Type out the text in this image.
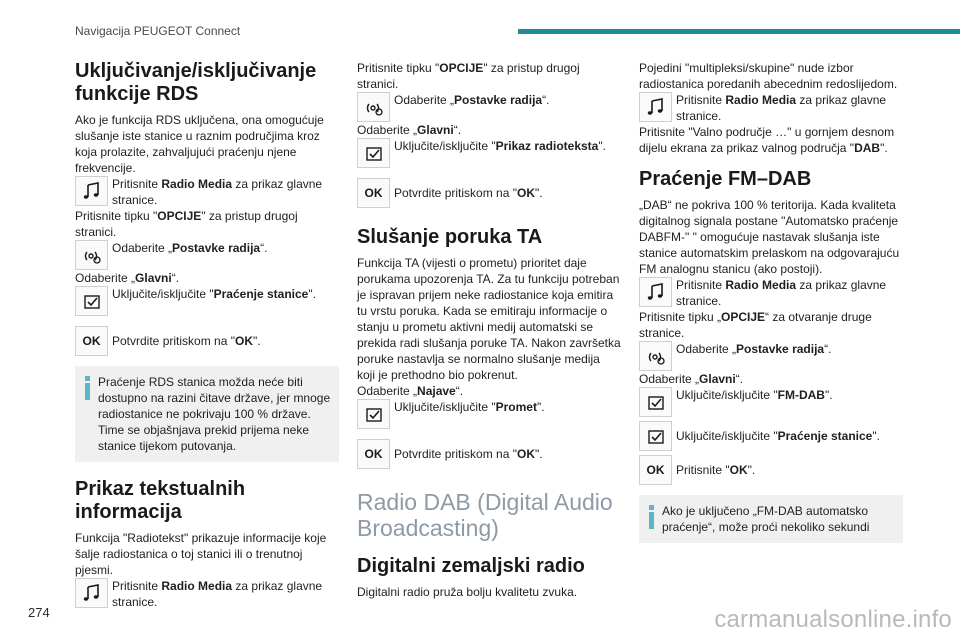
Navigacija PEUGEOT Connect
Uključivanje/isključivanje funkcije RDS
Ako je funkcija RDS uključena, ona omogućuje slušanje iste stanice u raznim područjima kroz koja prolazite, zahvaljujući praćenju njene frekvencije.
Pritisnite Radio Media za prikaz glavne stranice.
Pritisnite tipku "OPCIJE" za pristup drugoj stranici.
Odaberite „Postavke radija“.
Odaberite „Glavni“.
Uključite/isključite "Praćenje stanice".
OK Potvrdite pritiskom na "OK".
Praćenje RDS stanica možda neće biti dostupno na razini čitave države, jer mnoge radiostanice ne pokrivaju 100 % države. Time se objašnjava prekid prijema neke stanice tijekom putovanja.
Prikaz tekstualnih informacija
Funkcija "Radiotekst" prikazuje informacije koje šalje radiostanica o toj stanici ili o trenutnoj pjesmi.
Pritisnite Radio Media za prikaz glavne stranice.
Pritisnite tipku "OPCIJE" za pristup drugoj stranici.
Odaberite „Postavke radija“.
Odaberite „Glavni“.
Uključite/isključite "Prikaz radioteksta".
OK Potvrdite pritiskom na "OK".
Slušanje poruka TA
Funkcija TA (vijesti o prometu) prioritet daje porukama upozorenja TA. Za tu funkciju potreban je ispravan prijem neke radiostanice koja emitira tu vrstu poruka. Kada se emitiraju informacije o stanju u prometu aktivni medij automatski se prekida radi slušanja poruke TA. Nakon završetka poruke nastavlja se normalno slušanje medija koji je prethodno bio pokrenut.
Odaberite „Najave“.
Uključite/isključite "Promet".
OK Potvrdite pritiskom na "OK".
Radio DAB (Digital Audio Broadcasting)
Digitalni zemaljski radio
Digitalni radio pruža bolju kvalitetu zvuka.
Pojedini "multipleksi/skupine" nude izbor radiostanica poredanih abecednim redoslijedom.
Pritisnite Radio Media za prikaz glavne stranice.
Pritisnite "Valno područje …" u gornjem desnom dijelu ekrana za prikaz valnog područja "DAB".
Praćenje FM–DAB
„DAB“ ne pokriva 100 % teritorija. Kada kvaliteta digitalnog signala postane "Automatsko praćenje DABFM-" " omogućuje nastavak slušanja iste stanice automatskim prelaskom na odgovarajuću FM analognu stanicu (ako postoji).
Pritisnite Radio Media za prikaz glavne stranice.
Pritisnite tipku „OPCIJE“ za otvaranje druge stranice.
Odaberite „Postavke radija“.
Odaberite „Glavni“.
Uključite/isključite "FM-DAB".
Uključite/isključite "Praćenje stanice".
OK Pritisnite "OK".
Ako je uključeno „FM-DAB automatsko praćenje“, može proći nekoliko sekundi
274	carmanualsonline.info
